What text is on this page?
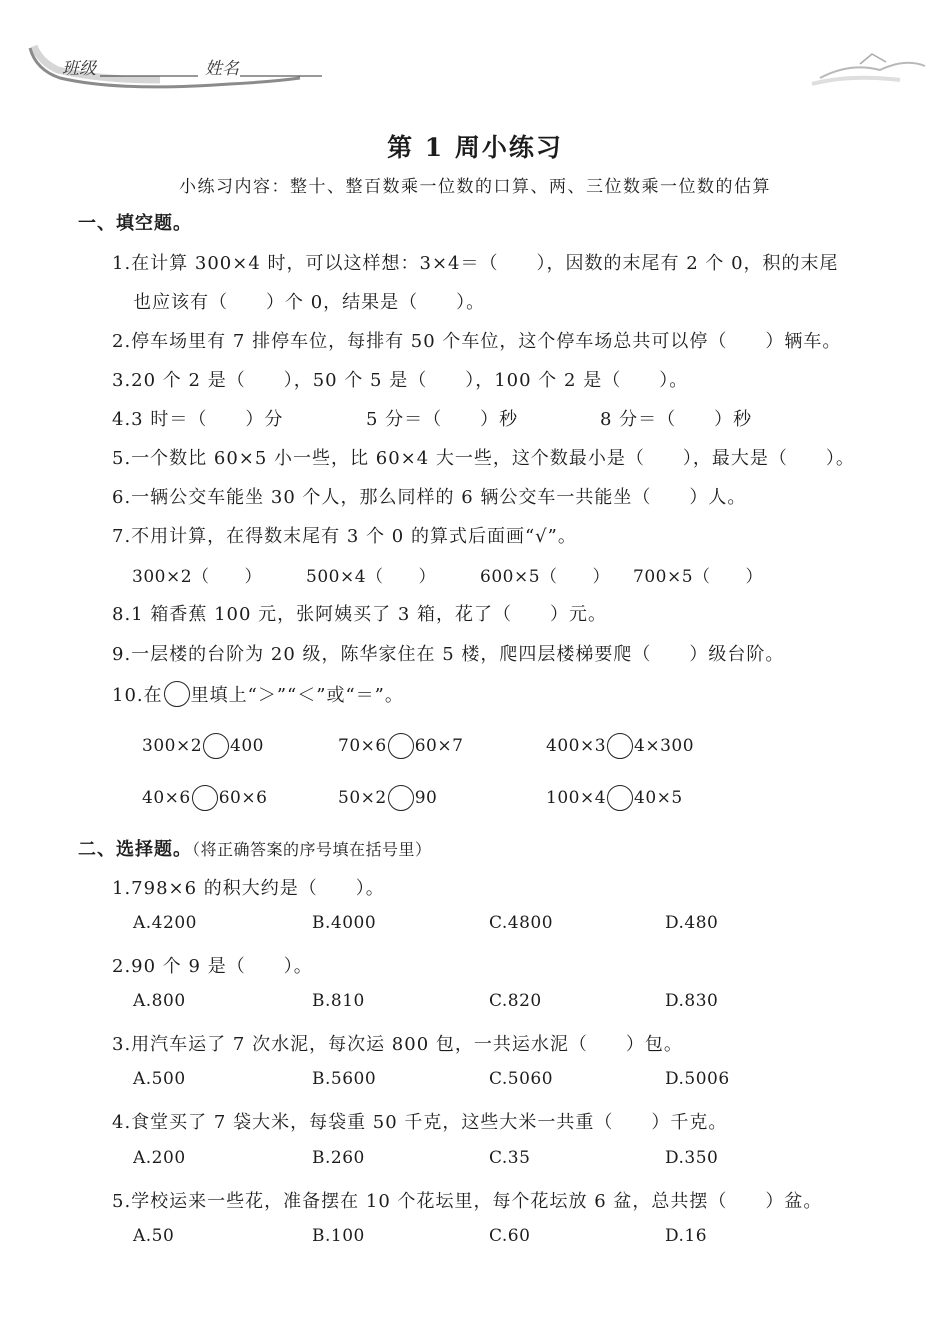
班级	姓名
第 1 周小练习
小练习内容：整十、整百数乘一位数的口算、两、三位数乘一位数的估算
一、填空题。
1.在计算 300×4 时，可以这样想：3×4＝（　　），因数的末尾有 2 个 0，积的末尾
也应该有（　　）个 0，结果是（　　）。
2.停车场里有 7 排停车位，每排有 50 个车位，这个停车场总共可以停（　　）辆车。
3.20 个 2 是（　　），50 个 5 是（　　），100 个 2 是（　　）。
4.3 时＝（　　）分	5 分＝（　　）秒	8 分＝（　　）秒
5.一个数比 60×5 小一些，比 60×4 大一些，这个数最小是（　　），最大是（　　）。
6.一辆公交车能坐 30 个人，那么同样的 6 辆公交车一共能坐（　　）人。
7.不用计算，在得数末尾有 3 个 0 的算式后面画“√”。
300×2（　　）	500×4（　　）	600×5（　　） 700×5（　　）
8.1 箱香蕉 100 元，张阿姨买了 3 箱，花了（　　）元。
9.一层楼的台阶为 20 级，陈华家住在 5 楼，爬四层楼梯要爬（　　）级台阶。
10.在 里填上“＞”“＜”或“＝”。
300×2 400	70×6 60×7	400×3 4×300
40×6 60×6	50×2 90	100×4 40×5
二、选择题。（将正确答案的序号填在括号里）
1.798×6 的积大约是（　　）。
A.4200	B.4000	C.4800	D.480
2.90 个 9 是（　　）。
A.800	B.810	C.820	D.830
3.用汽车运了 7 次水泥，每次运 800 包，一共运水泥（　　）包。
A.500	B.5600	C.5060	D.5006
4.食堂买了 7 袋大米，每袋重 50 千克，这些大米一共重（　　）千克。
A.200	B.260	C.35	D.350
5.学校运来一些花，准备摆在 10 个花坛里，每个花坛放 6 盆，总共摆（　　）盆。
A.50	B.100	C.60	D.16
